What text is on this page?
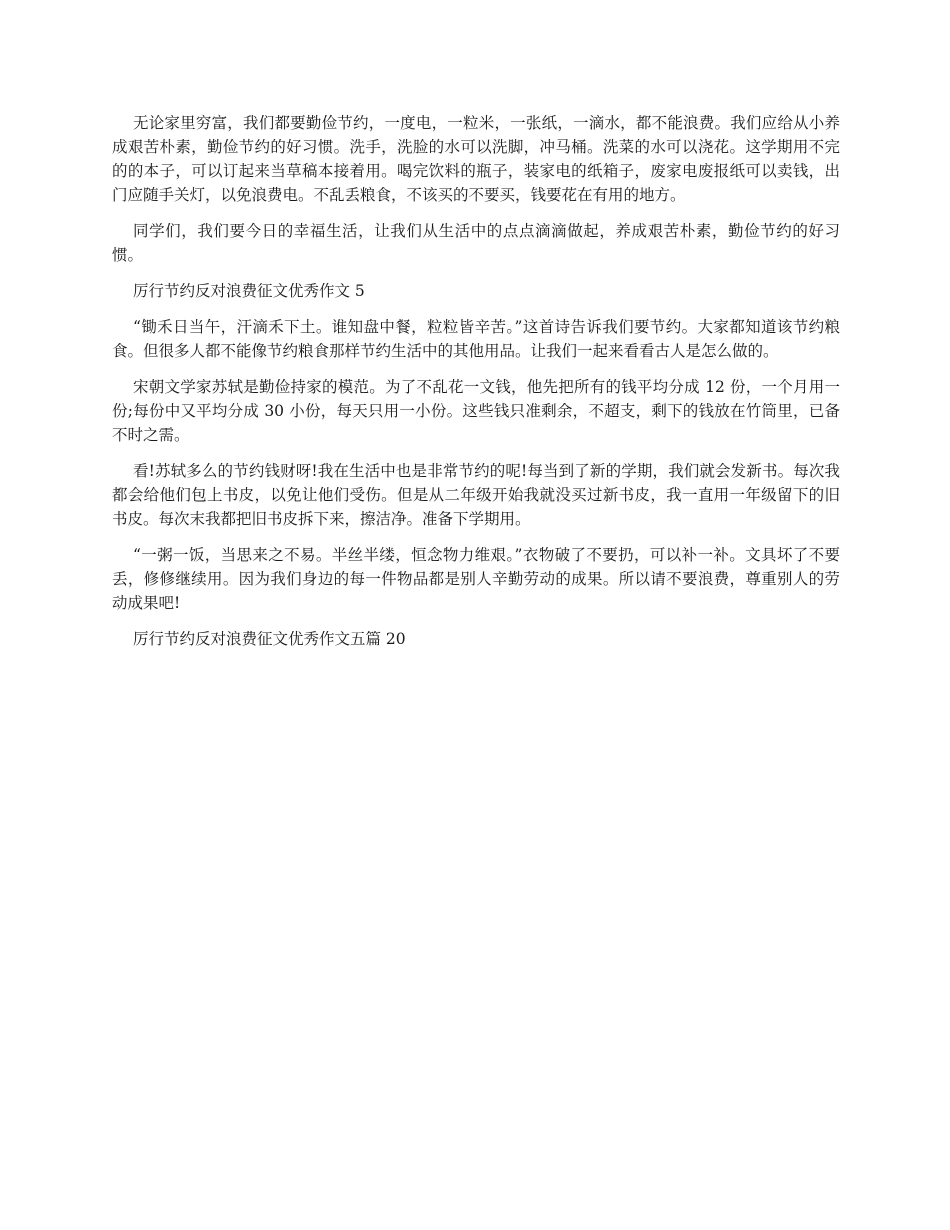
无论家里穷富，我们都要勤俭节约，一度电，一粒米，一张纸，一滴水，都不能浪费。我们应给从小养成艰苦朴素，勤俭节约的好习惯。洗手，洗脸的水可以洗脚，冲马桶。洗菜的水可以浇花。这学期用不完的的本子，可以订起来当草稿本接着用。喝完饮料的瓶子，装家电的纸箱子，废家电废报纸可以卖钱，出门应随手关灯，以免浪费电。不乱丢粮食，不该买的不要买，钱要花在有用的地方。

同学们，我们要今日的幸福生活，让我们从生活中的点点滴滴做起，养成艰苦朴素，勤俭节约的好习惯。

厉行节约反对浪费征文优秀作文 5

“锄禾日当午，汗滴禾下土。谁知盘中餐，粒粒皆辛苦。”这首诗告诉我们要节约。大家都知道该节约粮食。但很多人都不能像节约粮食那样节约生活中的其他用品。让我们一起来看看古人是怎么做的。

宋朝文学家苏轼是勤俭持家的模范。为了不乱花一文钱，他先把所有的钱平均分成 12 份，一个月用一份;每份中又平均分成 30 小份，每天只用一小份。这些钱只准剩余，不超支，剩下的钱放在竹筒里，已备不时之需。

看!苏轼多么的节约钱财呀!我在生活中也是非常节约的呢!每当到了新的学期，我们就会发新书。每次我都会给他们包上书皮，以免让他们受伤。但是从二年级开始我就没买过新书皮，我一直用一年级留下的旧书皮。每次末我都把旧书皮拆下来，擦洁净。准备下学期用。

“一粥一饭，当思来之不易。半丝半缕，恒念物力维艰。”衣物破了不要扔，可以补一补。文具坏了不要丢，修修继续用。因为我们身边的每一件物品都是别人辛勤劳动的成果。所以请不要浪费，尊重别人的劳动成果吧!

厉行节约反对浪费征文优秀作文五篇 20
